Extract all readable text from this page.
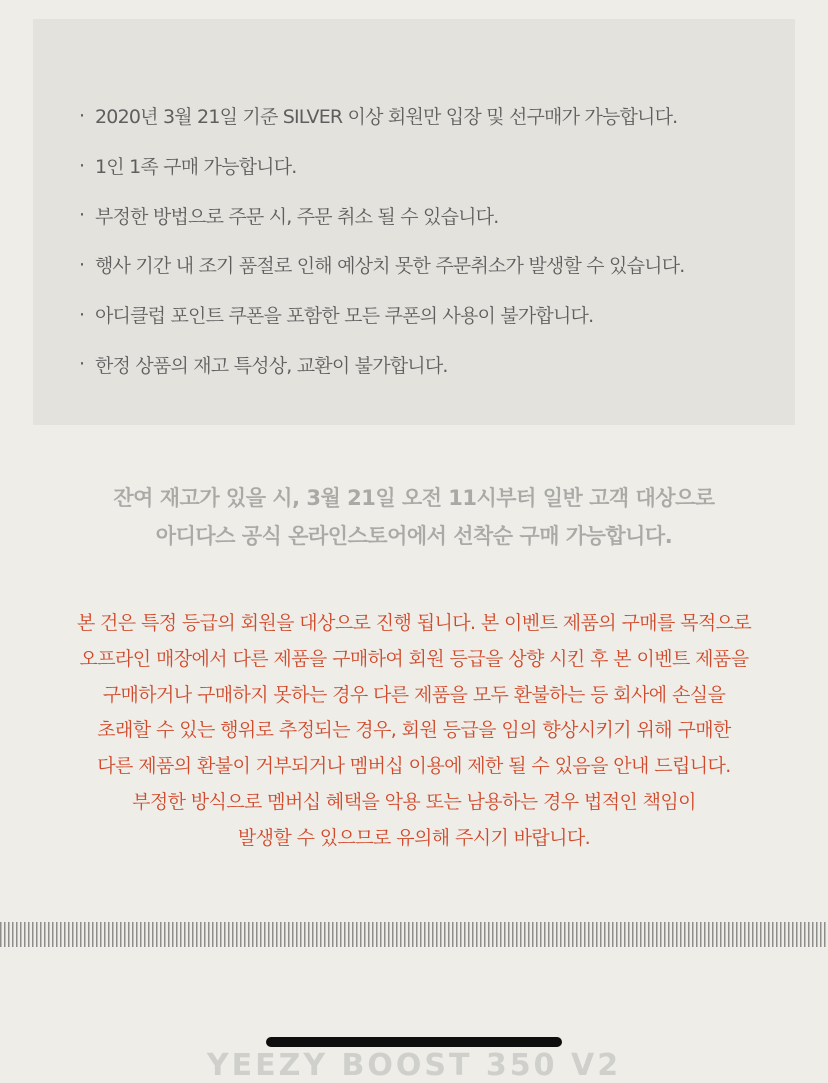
· 2020년 3월 21일 기준 SILVER 이상 회원만 입장 및 선구매가 가능합니다.
· 1인 1족 구매 가능합니다.
· 부정한 방법으로 주문 시, 주문 취소 될 수 있습니다.
· 행사 기간 내 조기 품절로 인해 예상치 못한 주문취소가 발생할 수 있습니다.
· 아디클럽 포인트 쿠폰을 포함한 모든 쿠폰의 사용이 불가합니다.
· 한정 상품의 재고 특성상, 교환이 불가합니다.
잔여 재고가 있을 시, 3월 21일 오전 11시부터 일반 고객 대상으로
아디다스 공식 온라인스토어에서 선착순 구매 가능합니다.
본 건은 특정 등급의 회원을 대상으로 진행 됩니다. 본 이벤트 제품의 구매를 목적으로
오프라인 매장에서 다른 제품을 구매하여 회원 등급을 상향 시킨 후 본 이벤트 제품을
구매하거나 구매하지 못하는 경우 다른 제품을 모두 환불하는 등 회사에 손실을
초래할 수 있는 행위로 추정되는 경우, 회원 등급을 임의 향상시키기 위해 구매한
다른 제품의 환불이 거부되거나 멤버십 이용에 제한 될 수 있음을 안내 드립니다.
부정한 방식으로 멤버십 혜택을 악용 또는 남용하는 경우 법적인 책임이
발생할 수 있으므로 유의해 주시기 바랍니다.
YEEZY BOOST 350 V2
